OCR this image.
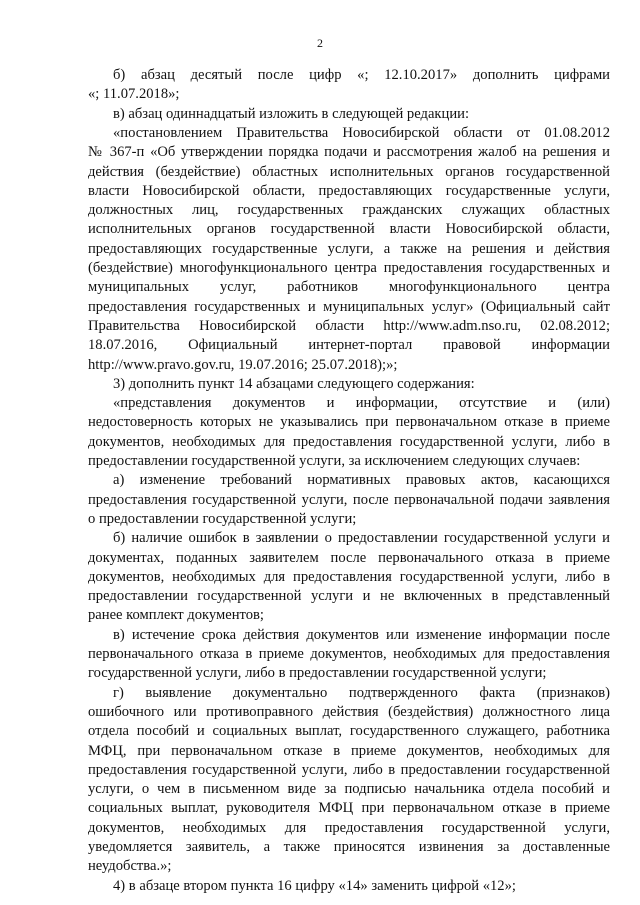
2
б) абзац десятый после цифр «; 12.10.2017» дополнить цифрами
«; 11.07.2018»;
в) абзац одиннадцатый изложить в следующей редакции:
«постановлением Правительства Новосибирской области от 01.08.2012
№ 367-п «Об утверждении порядка подачи и рассмотрения жалоб на решения и
действия (бездействие) областных исполнительных органов государственной
власти Новосибирской области, предоставляющих государственные услуги,
должностных лиц, государственных гражданских служащих областных
исполнительных органов государственной власти Новосибирской области,
предоставляющих государственные услуги, а также на решения и действия
(бездействие) многофункционального центра предоставления государственных и
муниципальных услуг, работников многофункционального центра
предоставления государственных и муниципальных услуг» (Официальный сайт
Правительства Новосибирской области http://www.adm.nso.ru, 02.08.2012;
18.07.2016, Официальный интернет-портал правовой информации
http://www.pravo.gov.ru, 19.07.2016; 25.07.2018);»;
3) дополнить пункт 14 абзацами следующего содержания:
«представления документов и информации, отсутствие и (или)
недостоверность которых не указывались при первоначальном отказе в приеме
документов, необходимых для предоставления государственной услуги, либо в
предоставлении государственной услуги, за исключением следующих случаев:
а) изменение требований нормативных правовых актов, касающихся
предоставления государственной услуги, после первоначальной подачи заявления
о предоставлении государственной услуги;
б) наличие ошибок в заявлении о предоставлении государственной услуги и
документах, поданных заявителем после первоначального отказа в приеме
документов, необходимых для предоставления государственной услуги, либо в
предоставлении государственной услуги и не включенных в представленный
ранее комплект документов;
в) истечение срока действия документов или изменение информации после
первоначального отказа в приеме документов, необходимых для предоставления
государственной услуги, либо в предоставлении государственной услуги;
г) выявление документально подтвержденного факта (признаков)
ошибочного или противоправного действия (бездействия) должностного лица
отдела пособий и социальных выплат, государственного служащего, работника
МФЦ, при первоначальном отказе в приеме документов, необходимых для
предоставления государственной услуги, либо в предоставлении государственной
услуги, о чем в письменном виде за подписью начальника отдела пособий и
социальных выплат, руководителя МФЦ при первоначальном отказе в приеме
документов, необходимых для предоставления государственной услуги,
уведомляется заявитель, а также приносятся извинения за доставленные
неудобства.»;
4) в абзаце втором пункта 16 цифру «14» заменить цифрой «12»;
